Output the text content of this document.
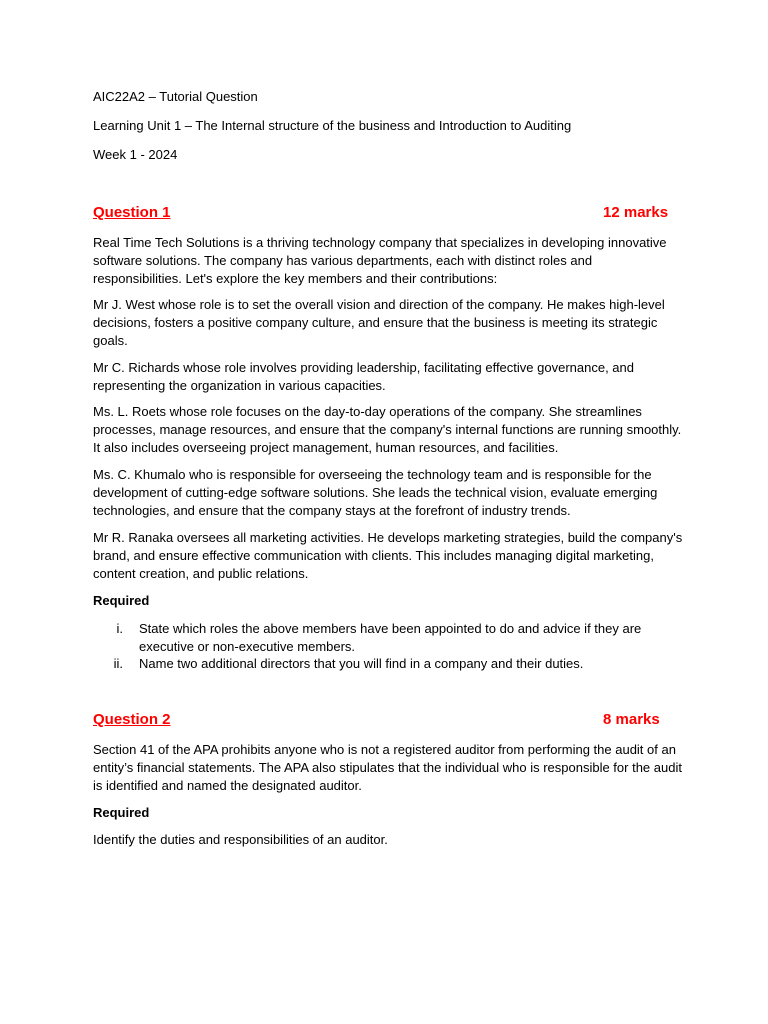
AIC22A2 – Tutorial Question
Learning Unit 1 – The Internal structure of the business and Introduction to Auditing
Week 1 - 2024
Question 1	12 marks

Real Time Tech Solutions is a thriving technology company that specializes in developing innovative software solutions. The company has various departments, each with distinct roles and responsibilities. Let's explore the key members and their contributions:

Mr J. West whose role is to set the overall vision and direction of the company. He makes high-level decisions, fosters a positive company culture, and ensure that the business is meeting its strategic goals.

Mr C. Richards whose role involves providing leadership, facilitating effective governance, and representing the organization in various capacities.

Ms. L. Roets whose role focuses on the day-to-day operations of the company. She streamlines processes, manage resources, and ensure that the company's internal functions are running smoothly. It also includes overseeing project management, human resources, and facilities.

Ms. C. Khumalo who is responsible for overseeing the technology team and is responsible for the development of cutting-edge software solutions. She leads the technical vision, evaluate emerging technologies, and ensure that the company stays at the forefront of industry trends.

Mr R. Ranaka oversees all marketing activities. He develops marketing strategies, build the company's brand, and ensure effective communication with clients. This includes managing digital marketing, content creation, and public relations.

Required
i. State which roles the above members have been appointed to do and advice if they are executive or non-executive members.
ii. Name two additional directors that you will find in a company and their duties.
Question 2	8 marks

Section 41 of the APA prohibits anyone who is not a registered auditor from performing the audit of an entity’s financial statements. The APA also stipulates that the individual who is responsible for the audit is identified and named the designated auditor.

Required
Identify the duties and responsibilities of an auditor.
